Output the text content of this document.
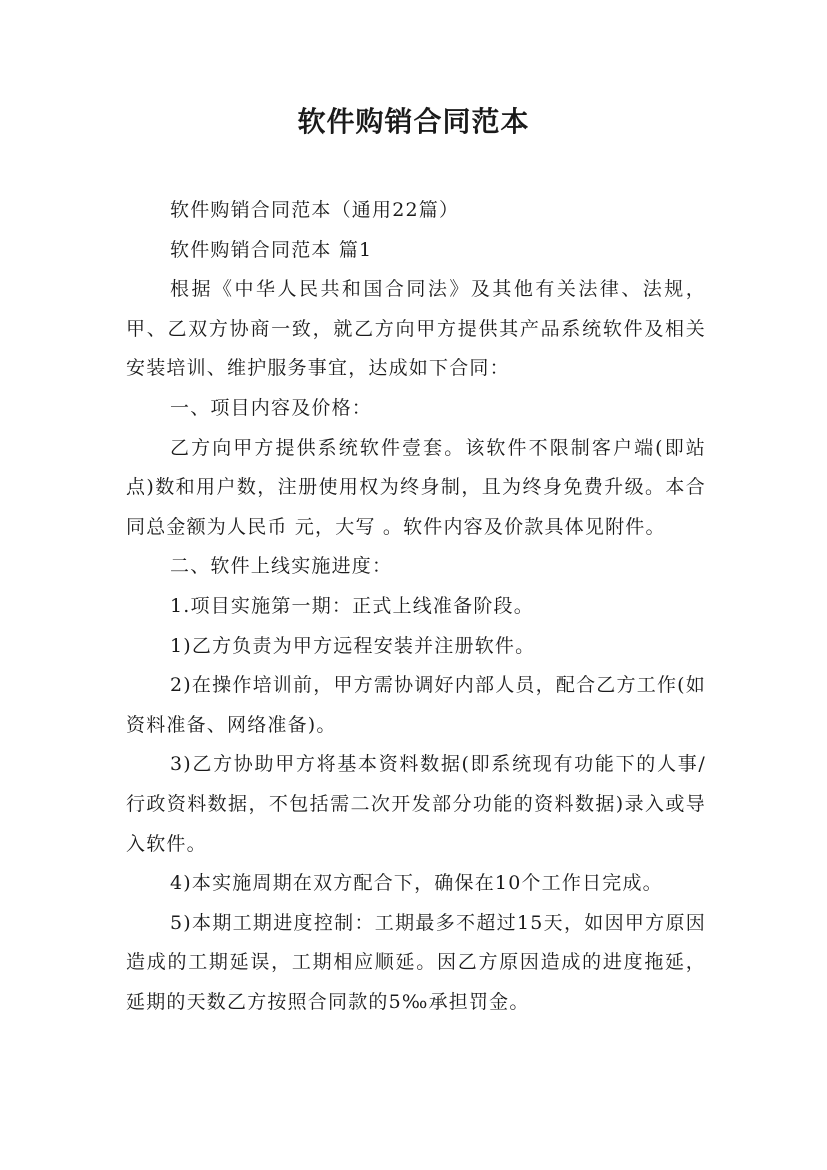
软件购销合同范本

软件购销合同范本（通用22篇）

软件购销合同范本 篇1

根据《中华人民共和国合同法》及其他有关法律、法规，甲、乙双方协商一致，就乙方向甲方提供其产品系统软件及相关安装培训、维护服务事宜，达成如下合同：

一、项目内容及价格：

乙方向甲方提供系统软件壹套。该软件不限制客户端(即站点)数和用户数，注册使用权为终身制，且为终身免费升级。本合同总金额为人民币 元，大写 。软件内容及价款具体见附件。

二、软件上线实施进度：

1.项目实施第一期：正式上线准备阶段。

1)乙方负责为甲方远程安装并注册软件。

2)在操作培训前，甲方需协调好内部人员，配合乙方工作(如资料准备、网络准备)。

3)乙方协助甲方将基本资料数据(即系统现有功能下的人事/行政资料数据，不包括需二次开发部分功能的资料数据)录入或导入软件。

4)本实施周期在双方配合下，确保在10个工作日完成。

5)本期工期进度控制：工期最多不超过15天，如因甲方原因造成的工期延误，工期相应顺延。因乙方原因造成的进度拖延，延期的天数乙方按照合同款的5‰承担罚金。
